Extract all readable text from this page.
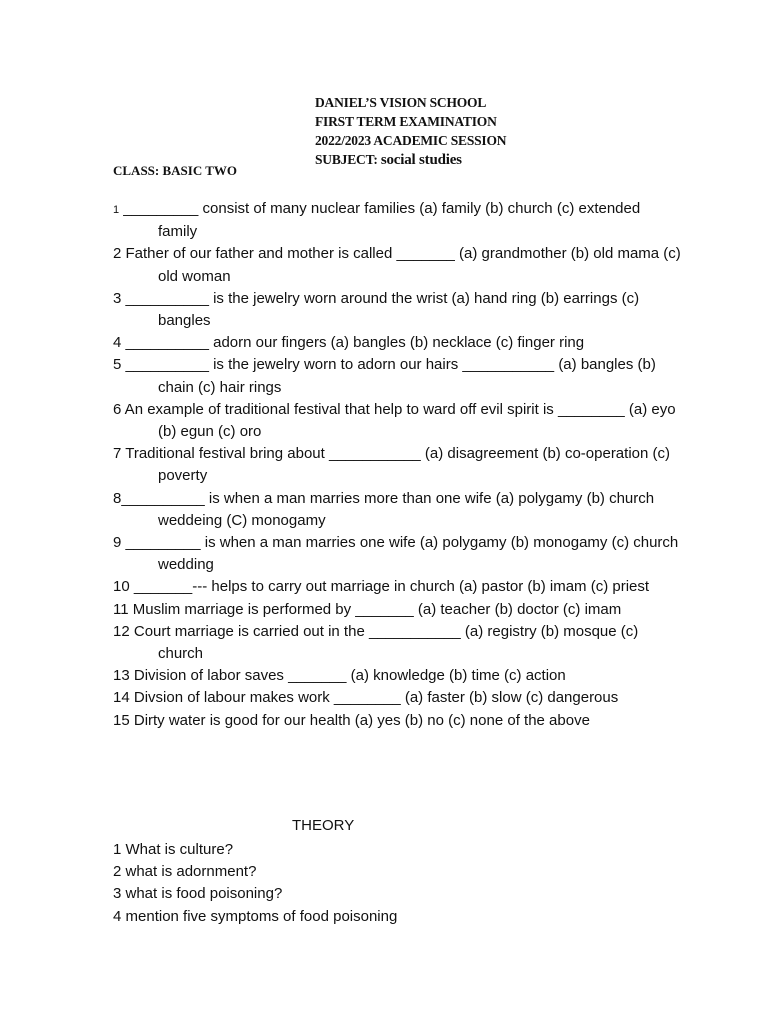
DANIEL’S VISION SCHOOL
FIRST TERM EXAMINATION
2022/2023 ACADEMIC SESSION
SUBJECT: social studies
CLASS: BASIC TWO
1 _________ consist of many nuclear families (a) family (b) church (c) extended family
2 Father of our father and mother is called _______ (a) grandmother (b) old mama (c) old woman
3 __________ is the jewelry worn around the wrist (a) hand ring (b) earrings (c) bangles
4 __________ adorn our fingers (a) bangles (b) necklace (c) finger ring
5 __________ is the jewelry worn to adorn our hairs ___________ (a) bangles (b) chain (c) hair rings
6 An example of traditional festival that help to ward off evil spirit is ________ (a) eyo (b) egun (c) oro
7 Traditional festival bring about ___________ (a) disagreement (b) co-operation (c) poverty
8__________ is when a man marries more than one wife (a) polygamy (b) church weddeing (C) monogamy
9 _________ is when a man marries one wife (a) polygamy (b) monogamy (c) church wedding
10 _______--- helps to carry out marriage in church (a) pastor (b) imam (c) priest
11 Muslim marriage is performed by _______ (a) teacher (b) doctor (c) imam
12 Court marriage is carried out in the ___________ (a) registry (b) mosque (c) church
13 Division of labor saves _______ (a) knowledge (b) time (c) action
14 Divsion of labour makes work ________ (a) faster (b) slow (c) dangerous
15 Dirty water is good for our health (a) yes (b) no (c) none of the above
THEORY
1 What is culture?
2 what is adornment?
3 what is food poisoning?
4 mention five symptoms of food poisoning
